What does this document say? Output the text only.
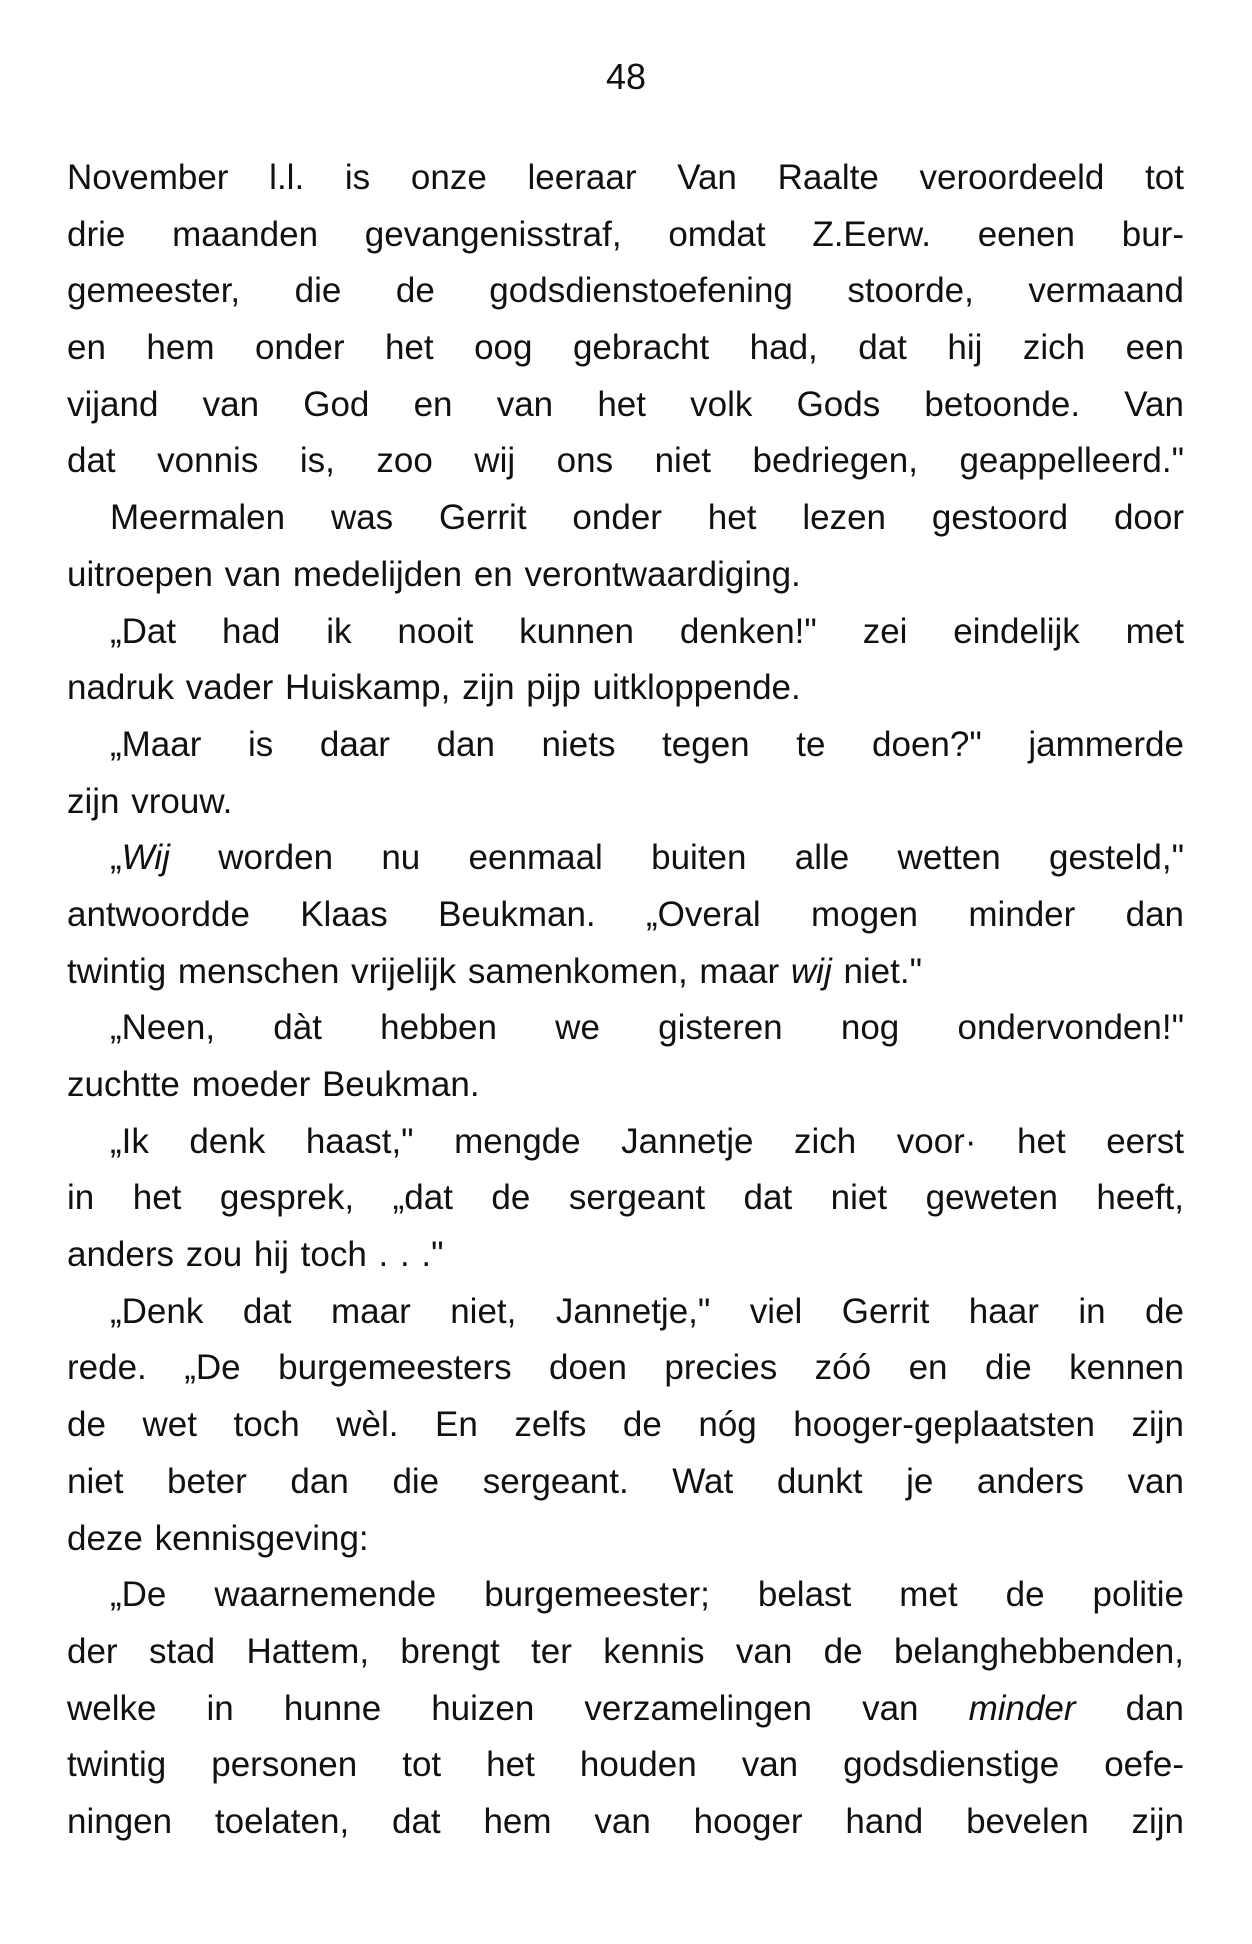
48
November l.l. is onze leeraar Van Raalte veroordeeld tot
drie maanden gevangenisstraf, omdat Z.Eerw. eenen bur-
gemeester, die de godsdienstoefening stoorde, vermaand
en hem onder het oog gebracht had, dat hij zich een
vijand van God en van het volk Gods betoonde. Van
dat vonnis is, zoo wij ons niet bedriegen, geappelleerd."
Meermalen was Gerrit onder het lezen gestoord door
uitroepen van medelijden en verontwaardiging.
„Dat had ik nooit kunnen denken!" zei eindelijk met
nadruk vader Huiskamp, zijn pijp uitkloppende.
„Maar is daar dan niets tegen te doen?" jammerde
zijn vrouw.
„Wij worden nu eenmaal buiten alle wetten gesteld,"
antwoordde Klaas Beukman. „Overal mogen minder dan
twintig menschen vrijelijk samenkomen, maar wij niet."
„Neen, dàt hebben we gisteren nog ondervonden!"
zuchtte moeder Beukman.
„Ik denk haast," mengde Jannetje zich voor· het eerst
in het gesprek, „dat de sergeant dat niet geweten heeft,
anders zou hij toch . . ."
„Denk dat maar niet, Jannetje," viel Gerrit haar in de
rede. „De burgemeesters doen precies zóó en die kennen
de wet toch wèl. En zelfs de nóg hooger-geplaatsten zijn
niet beter dan die sergeant. Wat dunkt je anders van
deze kennisgeving:
„De waarnemende burgemeester; belast met de politie
der stad Hattem, brengt ter kennis van de belanghebbenden,
welke in hunne huizen verzamelingen van minder dan
twintig personen tot het houden van godsdienstige oefe-
ningen toelaten, dat hem van hooger hand bevelen zijn
